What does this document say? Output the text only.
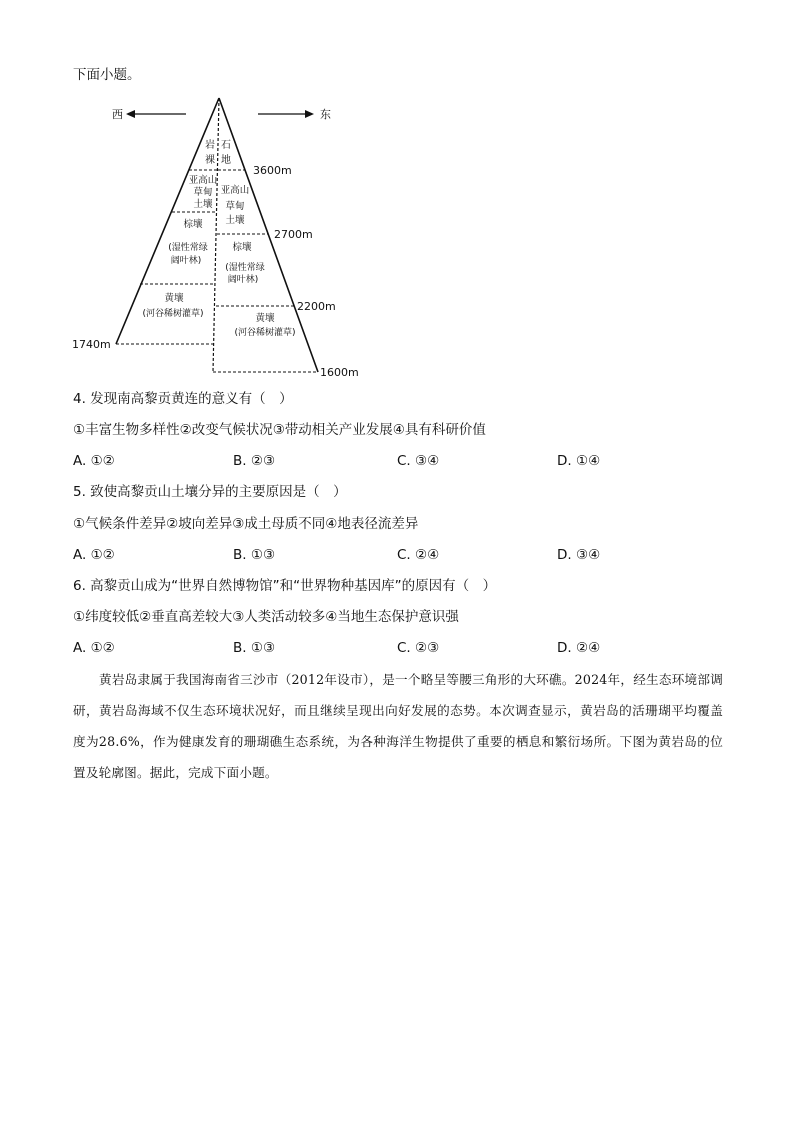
下面小题。
西	东
岩 石
裸 地
3600m
2700m
2200m
1740m
1600m
亚高山
草甸
土壤
亚高山
草甸
土壤
棕壤
(湿性常绿
阔叶林)
棕壤
(湿性常绿
阔叶林)
黄壤
(河谷稀树灌草)	黄壤
(河谷稀树灌草)
4. 发现南高黎贡黄连的意义有（　）
①丰富生物多样性②改变气候状况③带动相关产业发展④具有科研价值
A. ①②	B. ②③	C. ③④	D. ①④
5. 致使高黎贡山土壤分异的主要原因是（　）
①气候条件差异②坡向差异③成土母质不同④地表径流差异
A. ①②	B. ①③	C. ②④	D. ③④
6. 高黎贡山成为“世界自然博物馆”和“世界物种基因库”的原因有（　）
①纬度较低②垂直高差较大③人类活动较多④当地生态保护意识强
A. ①②	B. ①③	C. ②③	D. ②④
黄岩岛隶属于我国海南省三沙市（2012年设市），是一个略呈等腰三角形的大环礁。2024年，经生态环境部调研，黄岩岛海域不仅生态环境状况好，而且继续呈现出向好发展的态势。本次调查显示，黄岩岛的活珊瑚平均覆盖度为28.6%，作为健康发育的珊瑚礁生态系统，为各种海洋生物提供了重要的栖息和繁衍场所。下图为黄岩岛的位置及轮廓图。据此，完成下面小题。
